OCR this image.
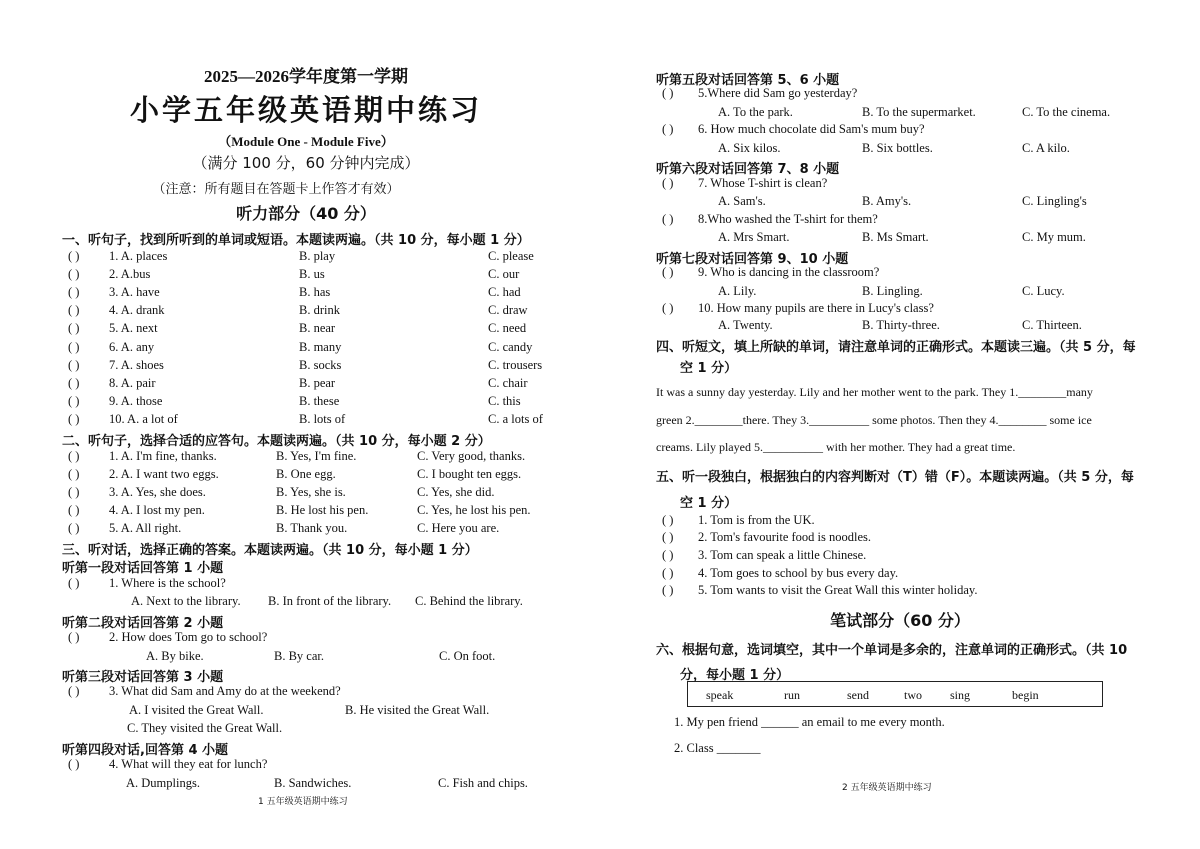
2025—2026学年度第一学期
小学五年级英语期中练习
（Module One - Module Five）
（满分 100 分，60 分钟内完成）
（注意：所有题目在答题卡上作答才有效）
听力部分（40 分）
一、听句子，找到所听到的单词或短语。本题读两遍。（共 10 分，每小题 1 分）
( ) 1. A. places	B. play	C. please
( ) 2. A.bus	B. us	C. our
( ) 3. A. have	B. has	C. had
( ) 4. A. drank	B. drink	C. draw
( ) 5. A. next	B. near	C. need
( ) 6. A. any	B. many	C. candy
( ) 7. A. shoes	B. socks	C. trousers
( ) 8. A. pair	B. pear	C. chair
( ) 9. A. those	B. these	C. this
( ) 10. A. a lot of	B. lots of	C. a lots of
二、听句子，选择合适的应答句。本题读两遍。（共 10 分，每小题 2 分）
( ) 1. A. I'm fine, thanks.	B. Yes, I'm fine.	C. Very good, thanks.
( ) 2. A. I want two eggs.	B. One egg.	C. I bought ten eggs.
( ) 3. A. Yes, she does.	B. Yes, she is.	C. Yes, she did.
( ) 4. A. I lost my pen.	B. He lost his pen.	C. Yes, he lost his pen.
( ) 5. A. All right.	B. Thank you.	C. Here you are.
三、听对话，选择正确的答案。本题读两遍。（共 10 分，每小题 1 分）
听第一段对话回答第 1 小题
( ) 1. Where is the school?
A. Next to the library. B. In front of the library. C. Behind the library.
听第二段对话回答第 2 小题
( ) 2. How does Tom go to school?
A. By bike.	B. By car.	C. On foot.
听第三段对话回答第 3 小题
( ) 3. What did Sam and Amy do at the weekend?
A. I visited the Great Wall.	B. He visited the Great Wall.
C. They visited the Great Wall.
听第四段对话,回答第 4 小题
( ) 4. What will they eat for lunch?
A. Dumplings.	B. Sandwiches.	C. Fish and chips.
1 五年级英语期中练习
听第五段对话回答第 5、6 小题
( ) 5.Where did Sam go yesterday?
A. To the park.	B. To the supermarket.	C. To the cinema.
( ) 6. How much chocolate did Sam's mum buy?
A. Six kilos.	B. Six bottles.	C. A kilo.
听第六段对话回答第 7、8 小题
( ) 7. Whose T-shirt is clean?
A. Sam's.	B. Amy's.	C. Lingling's
( ) 8.Who washed the T-shirt for them?
A. Mrs Smart.	B. Ms Smart.	C. My mum.
听第七段对话回答第 9、10 小题
( ) 9. Who is dancing in the classroom?
A. Lily.	B. Lingling.	C. Lucy.
( ) 10. How many pupils are there in Lucy's class?
A. Twenty.	B. Thirty-three.	C. Thirteen.
四、听短文，填上所缺的单词，请注意单词的正确形式。本题读三遍。（共 5 分，每
空 1 分）
It was a sunny day yesterday. Lily and her mother went to the park. They 1.________many
green 2.________there. They 3.__________ some photos. Then they 4.________ some ice
creams. Lily played 5.__________ with her mother. They had a great time.
五、听一段独白，根据独白的内容判断对（T）错（F）。本题读两遍。（共 5 分，每
空 1 分）
( ) 1. Tom is from the UK.
( ) 2. Tom's favourite food is noodles.
( ) 3. Tom can speak a little Chinese.
( ) 4. Tom goes to school by bus every day.
( ) 5. Tom wants to visit the Great Wall this winter holiday.
笔试部分（60 分）
六、根据句意，选词填空，其中一个单词是多余的，注意单词的正确形式。（共 10
分，每小题 1 分）
speak	run	send	two sing	begin
1. My pen friend ______ an email to me every month.
2. Class _______
2 五年级英语期中练习
